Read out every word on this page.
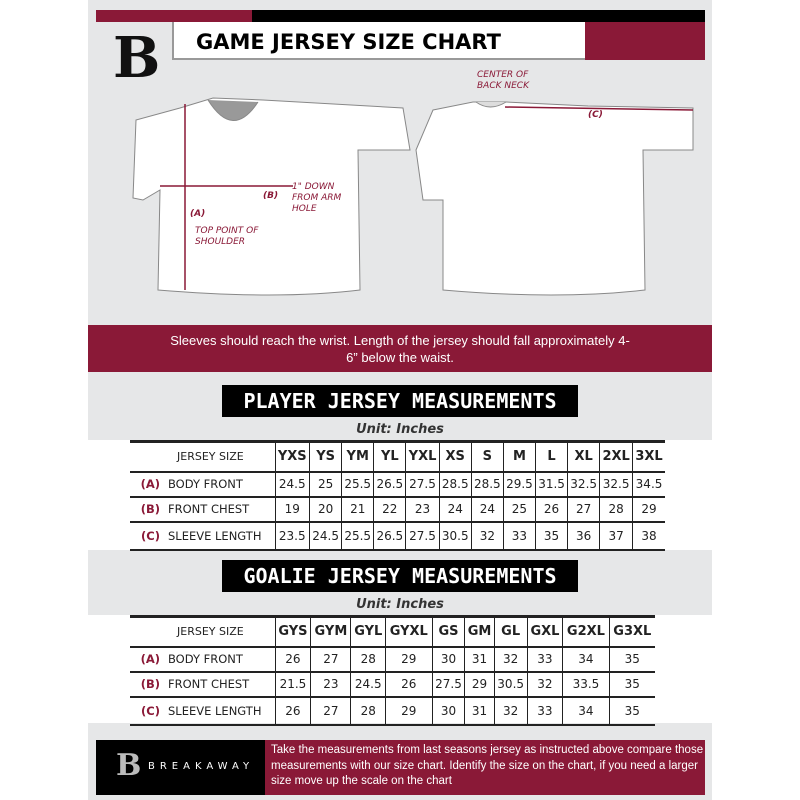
B	GAME JERSEY SIZE CHART
(A)
TOP POINT OF SHOULDER
(B)
1" DOWN FROM ARM HOLE
(C)
CENTER OF BACK NECK
Sleeves should reach the wrist. Length of the jersey should fall approximately 4-6” below the waist.
PLAYER JERSEY MEASUREMENTS
Unit: Inches
JERSEY SIZE	YXS	YS	YM	YL	YXL	XS	S	M	L	XL	2XL	3XL
(A) BODY FRONT	24.5	25	25.5	26.5	27.5	28.5	28.5	29.5	31.5	32.5	32.5	34.5
(B) FRONT CHEST	19	20	21	22	23	24	24	25	26	27	28	29
(C) SLEEVE LENGTH	23.5	24.5	25.5	26.5	27.5	30.5	32	33	35	36	37	38
GOALIE JERSEY MEASUREMENTS
Unit: Inches
JERSEY SIZE	GYS	GYM	GYL	GYXL	GS	GM	GL	GXL	G2XL	G3XL
(A) BODY FRONT	26	27	28	29	30	31	32	33	34	35
(B) FRONT CHEST	21.5	23	24.5	26	27.5	29	30.5	32	33.5	35
(C) SLEEVE LENGTH	26	27	28	29	30	31	32	33	34	35
B BREAKAWAY
Take the measurements from last seasons jersey as instructed above compare those measurements with our size chart. Identify the size on the chart, if you need a larger size move up the scale on the chart
